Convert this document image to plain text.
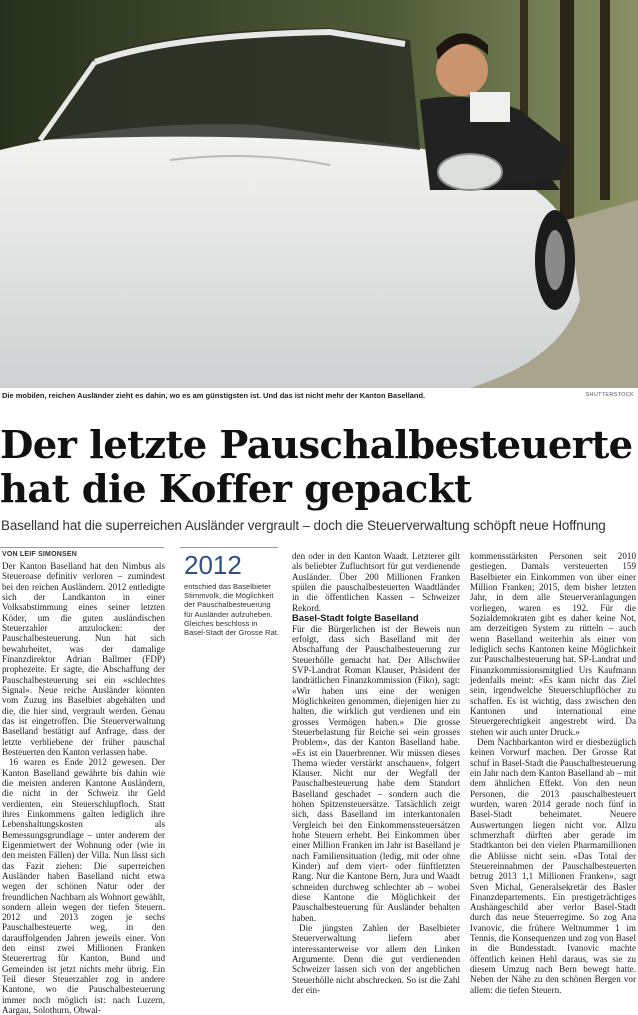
Die mobilen, reichen Ausländer zieht es dahin, wo es am günstigsten ist. Und das ist nicht mehr der Kanton Baselland.	SHUTTERSTOCK
Der letzte Pauschalbesteuerte
hat die Koffer gepackt
Baselland hat die superreichen Ausländer vergrault – doch die Steuerverwaltung schöpft neue Hoffnung
VON LEIF SIMONSEN

Der Kanton Baselland hat den Nimbus als Steueroase definitiv verloren – zumindest bei den reichen Ausländern. 2012 entledigte sich der Landkanton in einer Volksabstimmung eines seiner letzten Köder, um die guten ausländischen Steuerzahler anzulocken: der Pauschalbesteuerung. Nun hat sich bewahrheitet, was der damalige Finanzdirektor Adrian Ballmer (FDP) prophezeite. Er sagte, die Abschaffung der Pauschalbesteuerung sei ein «schlechtes Signal». Neue reiche Ausländer könnten vom Zuzug ins Baselbiet abgehalten und die, die hier sind, vergrault werden. Genau das ist eingetroffen. Die Steuerverwaltung Baselland bestätigt auf Anfrage, dass der letzte verbliebene der früher pauschal Besteuerten den Kanton verlassen habe.

16 waren es Ende 2012 gewesen. Der Kanton Baselland gewährte bis dahin wie die meisten anderen Kantone Ausländern, die nicht in der Schweiz ihr Geld verdienten, ein Steuerschlupfloch. Statt ihres Einkommens galten lediglich ihre Lebenshaltungskosten als Bemessungsgrundlage – unter anderem der Eigenmietwert der Wohnung oder (wie in den meisten Fällen) der Villa. Nun lässt sich das Fazit ziehen: Die superreichen Ausländer haben Baselland nicht etwa wegen der schönen Natur oder der freundlichen Nachbarn als Wohnort gewählt, sondern allein wegen der tiefen Steuern. 2012 und 2013 zogen je sechs Pauschalbesteuerte weg, in den darauffolgenden Jahren jeweils einer. Von den einst zwei Millionen Franken Steuerertrag für Kanton, Bund und Gemeinden ist jetzt nichts mehr übrig. Ein Teil dieser Steuerzahler zog in andere Kantone, wo die Pauschalbesteuerung immer noch möglich ist: nach Luzern, Aargau, Solothurn, Obwal-

2012
entschied das Baselbieter Stimmvolk, die Möglichkeit der Pauschalbesteuerung für Ausländer aufzuheben. Gleiches beschloss in Basel-Stadt der Grosse Rat.

den oder in den Kanton Waadt. Letzterer gilt als beliebter Zufluchtsort für gut verdienende Ausländer. Über 200 Millionen Franken spülen die pauschalbesteuerten Waadtländer in die öffentlichen Kassen – Schweizer Rekord.

Basel-Stadt folgte Baselland

Für die Bürgerlichen ist der Beweis nun erfolgt, dass sich Baselland mit der Abschaffung der Pauschalbesteuerung zur Steuerhölle gemacht hat. Der Allschwiler SVP-Landrat Roman Klauser, Präsident der landrätlichen Finanzkommission (Fiko), sagt: «Wir haben uns eine der wenigen Möglichkeiten genommen, diejenigen hier zu halten, die wirklich gut verdienen und ein grosses Vermögen haben.» Die grosse Steuerbelastung für Reiche sei «ein grosses Problem», das der Kanton Baselland habe. «Es ist ein Dauerbrenner. Wir müssen dieses Thema wieder verstärkt anschauen», folgert Klauser. Nicht nur der Wegfall der Pauschalbesteuerung habe dem Standort Baselland geschadet – sondern auch die hohen Spitzensteuersätze. Tatsächlich zeigt sich, dass Baselland im interkantonalen Vergleich bei den Einkommenssteuersätzen hohe Steuern erhebt. Bei Einkommen über einer Million Franken im Jahr ist Baselland je nach Familiensituation (ledig, mit oder ohne Kinder) auf dem viert- oder fünftletzten Rang. Nur die Kantone Bern, Jura und Waadt schneiden durchweg schlechter ab – wobei diese Kantone die Möglichkeit der Pauschalbesteuerung für Ausländer behalten haben.

Die jüngsten Zahlen der Baselbieter Steuerverwaltung liefern aber interessanterweise vor allem den Linken Argumente. Denn die gut verdienenden Schweizer lassen sich von der angeblichen Steuerhölle nicht abschrecken. So ist die Zahl der ein-

kommensstärksten Personen seit 2010 gestiegen. Damals versteuerten 159 Baselbieter ein Einkommen von über einer Million Franken; 2015, dem bisher letzten Jahr, in dem alle Steuerveranlagungen vorliegen, waren es 192. Für die Sozialdemokraten gibt es daher keine Not, am derzeitigen System zu rütteln – auch wenn Baselland weiterhin als einer von lediglich sechs Kantonen keine Möglichkeit zur Pauschalbesteuerung hat. SP-Landrat und Finanzkommissionsmitglied Urs Kaufmann jedenfalls meint: «Es kann nicht das Ziel sein, irgendwelche Steuerschlupflöcher zu schaffen. Es ist wichtig, dass zwischen den Kantonen und international eine Steuergerechtigkeit angestrebt wird. Da stehen wir auch unter Druck.»

Dem Nachbarkanton wird er diesbezüglich keinen Vorwurf machen. Der Grosse Rat schuf in Basel-Stadt die Pauschalbesteuerung ein Jahr nach dem Kanton Baselland ab – mit dem ähnlichen Effekt. Von den neun Personen, die 2013 pauschalbesteuert wurden, waren 2014 gerade noch fünf in Basel-Stadt beheimatet. Neuere Auswertungen liegen nicht vor. Allzu schmerzhaft dürften aber gerade im Stadtkanton bei den vielen Pharmamillionen die Ablüsse nicht sein. «Das Total der Steuereinnahmen der Pauschalbesteuerten betrug 2013 1,1 Millionen Franken», sagt Sven Michal, Generalsekretär des Basler Finanzdepartements. Ein prestigeträchtiges Aushängeschild aber verlor Basel-Stadt durch das neue Steuerregime. So zog Ana Ivanovic, die frühere Weltnummer 1 im Tennis, die Konsequenzen und zog von Basel in die Bundesstadt. Ivanovic machte öffentlich keinen Hehl daraus, was sie zu diesem Umzug nach Bern bewegt hatte. Neben der Nähe zu den schönen Bergen vor allem: die tiefen Steuern.
